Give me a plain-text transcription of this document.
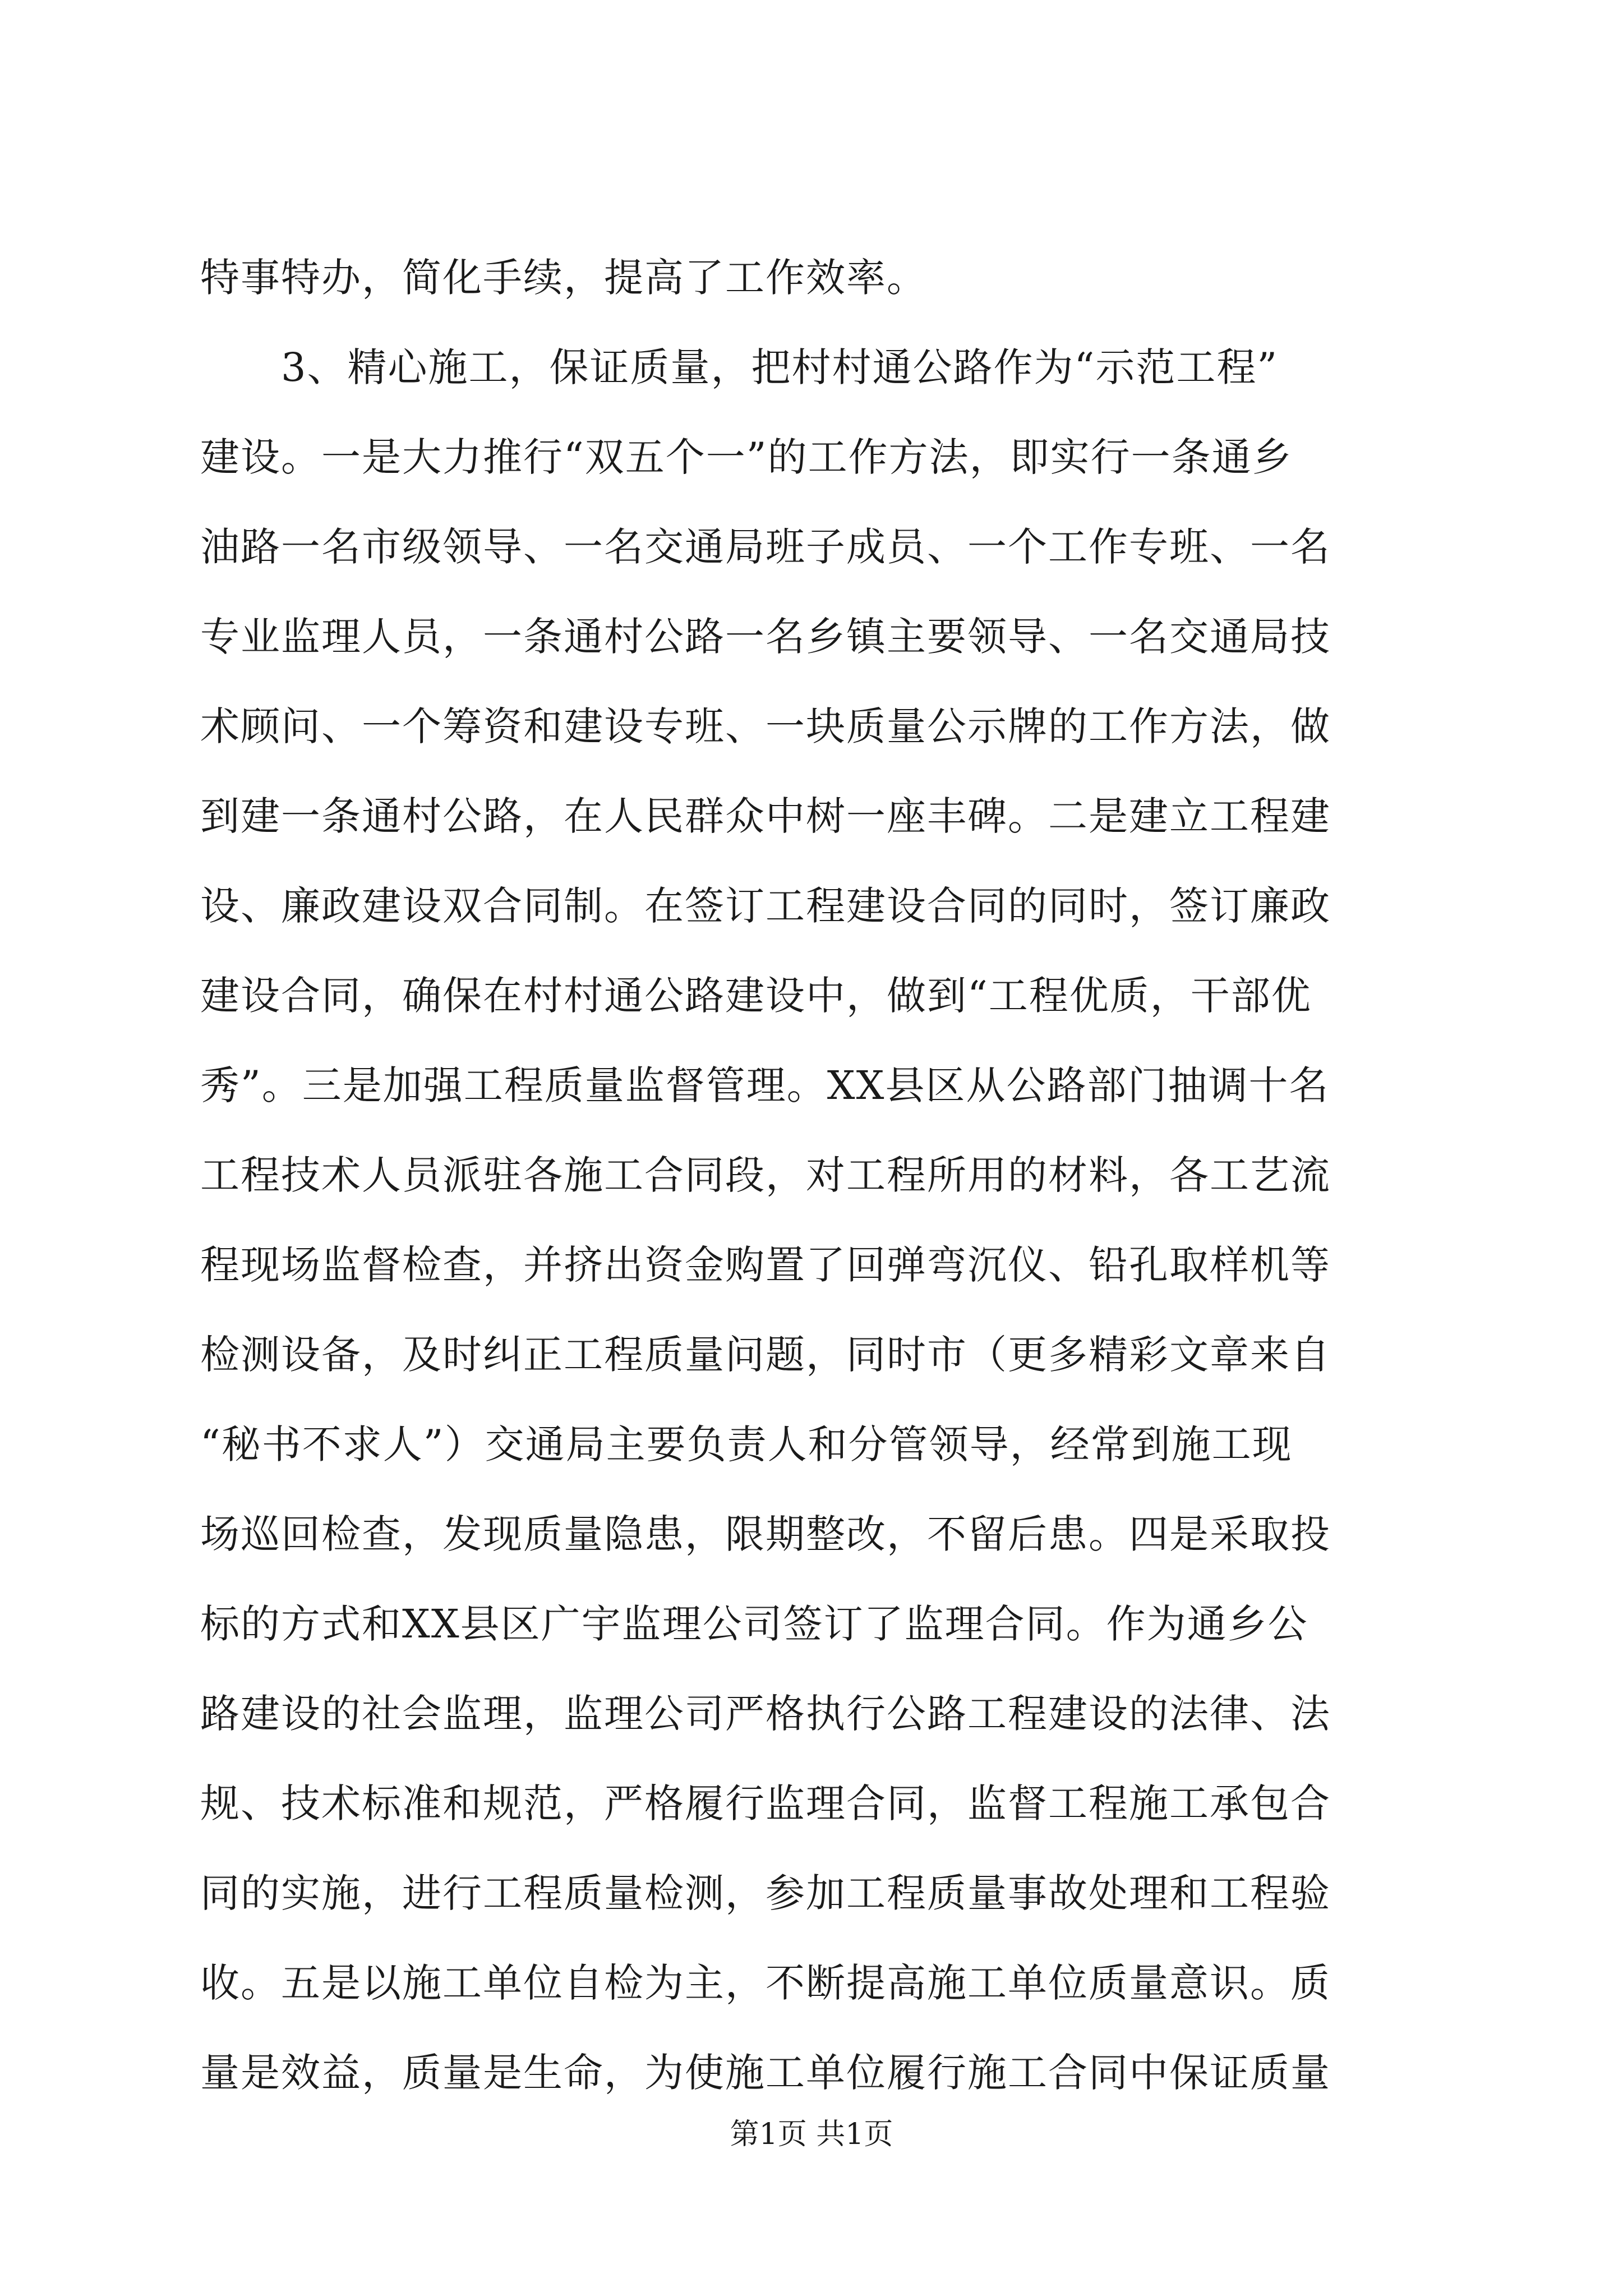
特事特办，简化手续，提高了工作效率。
　　3、精心施工，保证质量，把村村通公路作为“示范工程”
建设。一是大力推行“双五个一”的工作方法，即实行一条通乡
油路一名市级领导、一名交通局班子成员、一个工作专班、一名
专业监理人员，一条通村公路一名乡镇主要领导、一名交通局技
术顾问、一个筹资和建设专班、一块质量公示牌的工作方法，做
到建一条通村公路，在人民群众中树一座丰碑。二是建立工程建
设、廉政建设双合同制。在签订工程建设合同的同时，签订廉政
建设合同，确保在村村通公路建设中，做到“工程优质，干部优
秀”。三是加强工程质量监督管理。XX县区从公路部门抽调十名
工程技术人员派驻各施工合同段，对工程所用的材料，各工艺流
程现场监督检查，并挤出资金购置了回弹弯沉仪、铅孔取样机等
检测设备，及时纠正工程质量问题，同时市（更多精彩文章来自
“秘书不求人”）交通局主要负责人和分管领导，经常到施工现
场巡回检查，发现质量隐患，限期整改，不留后患。四是采取投
标的方式和XX县区广宇监理公司签订了监理合同。作为通乡公
路建设的社会监理，监理公司严格执行公路工程建设的法律、法
规、技术标准和规范，严格履行监理合同，监督工程施工承包合
同的实施，进行工程质量检测，参加工程质量事故处理和工程验
收。五是以施工单位自检为主，不断提高施工单位质量意识。质
量是效益，质量是生命，为使施工单位履行施工合同中保证质量
第1页 共1页
